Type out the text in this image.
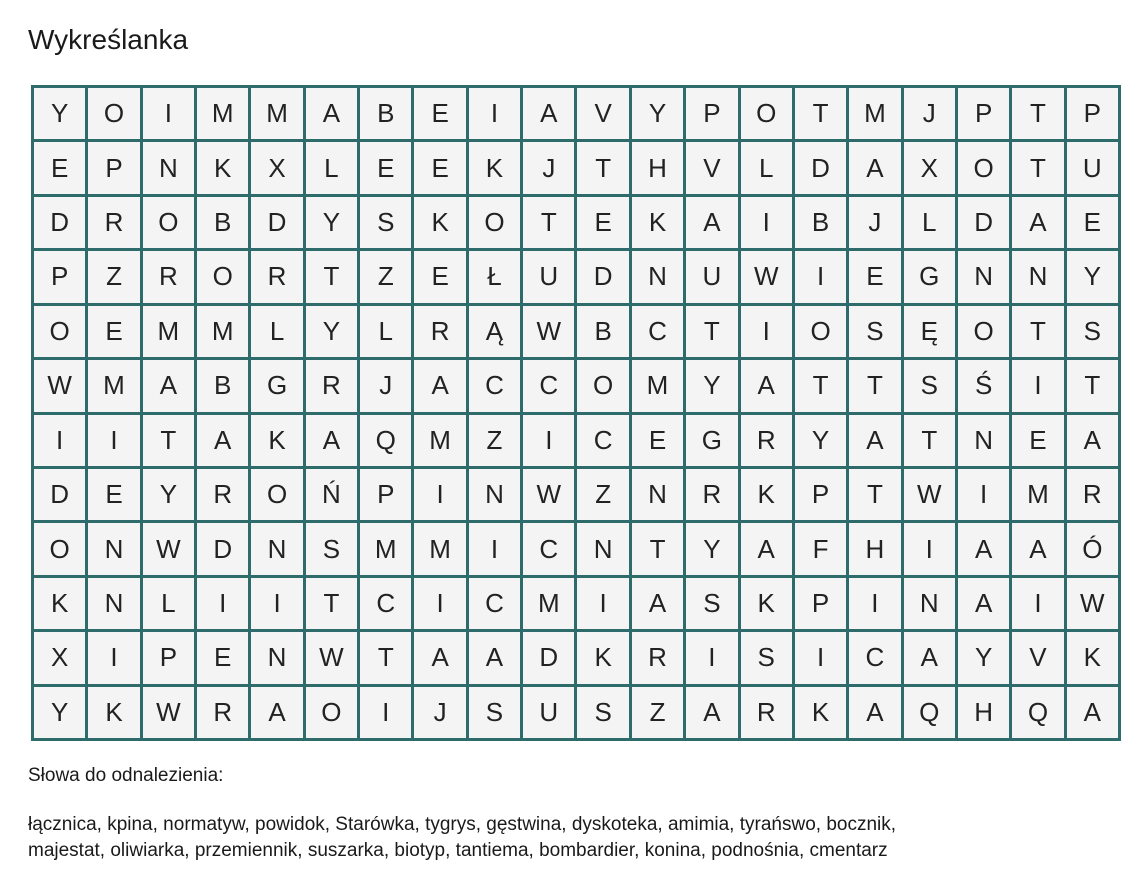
Wykreślanka
Y	O	I	M	M	A	B	E	I	A	V	Y	P	O	T	M	J	P	T	P
E	P	N	K	X	L	E	E	K	J	T	H	V	L	D	A	X	O	T	U
D	R	O	B	D	Y	S	K	O	T	E	K	A	I	B	J	L	D	A	E
P	Z	R	O	R	T	Z	E	Ł	U	D	N	U	W	I	E	G	N	N	Y
O	E	M	M	L	Y	L	R	Ą	W	B	C	T	I	O	S	Ę	O	T	S
W	M	A	B	G	R	J	A	C	C	O	M	Y	A	T	T	S	Ś	I	T
I	I	T	A	K	A	Q	M	Z	I	C	E	G	R	Y	A	T	N	E	A
D	E	Y	R	O	Ń	P	I	N	W	Z	N	R	K	P	T	W	I	M	R
O	N	W	D	N	S	M	M	I	C	N	T	Y	A	F	H	I	A	A	Ó
K	N	L	I	I	T	C	I	C	M	I	A	S	K	P	I	N	A	I	W
X	I	P	E	N	W	T	A	A	D	K	R	I	S	I	C	A	Y	V	K
Y	K	W	R	A	O	I	J	S	U	S	Z	A	R	K	A	Q	H	Q	A

Słowa do odnalezienia:

łącznica, kpina, normatyw, powidok, Starówka, tygrys, gęstwina, dyskoteka, amimia, tyrańswo, bocznik,
majestat, oliwiarka, przemiennik, suszarka, biotyp, tantiema, bombardier, konina, podnośnia, cmentarz
